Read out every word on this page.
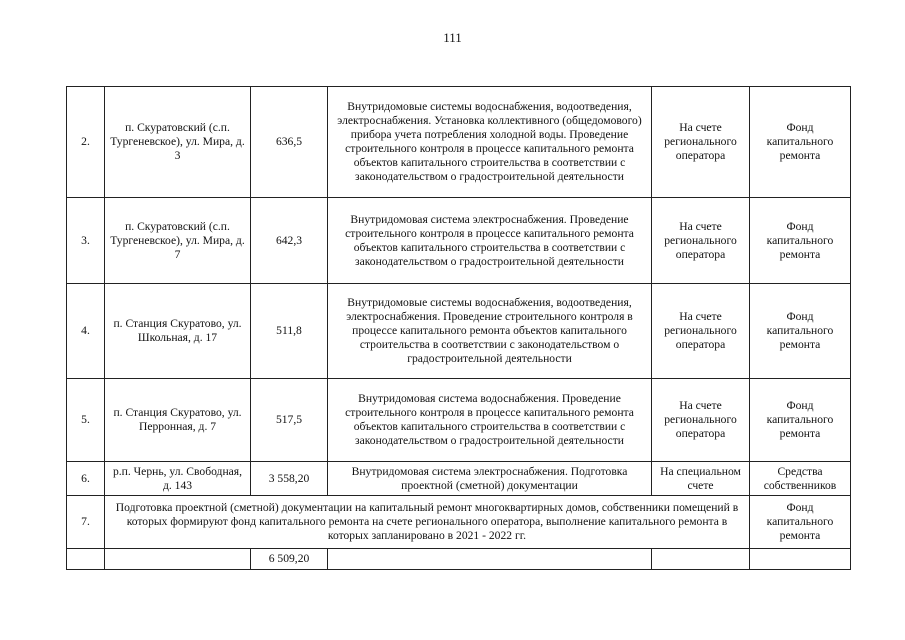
111
2.	п. Скуратовский (с.п. Тургеневское), ул. Мира, д. 3	636,5	Внутридомовые системы водоснабжения, водоотведения, электроснабжения. Установка коллективного (общедомового) прибора учета потребления холодной воды. Проведение строительного контроля в процессе капитального ремонта объектов капитального строительства в соответствии с законодательством о градостроительной деятельности	На счете регионального оператора	Фонд капитального ремонта
3.	п. Скуратовский (с.п. Тургеневское), ул. Мира, д. 7	642,3	Внутридомовая система электроснабжения. Проведение строительного контроля в процессе капитального ремонта объектов капитального строительства в соответствии с законодательством о градостроительной деятельности	На счете регионального оператора	Фонд капитального ремонта
4.	п. Станция Скуратово, ул. Школьная, д. 17	511,8	Внутридомовые системы водоснабжения, водоотведения, электроснабжения. Проведение строительного контроля в процессе капитального ремонта объектов капитального строительства в соответствии с законодательством о градостроительной деятельности	На счете регионального оператора	Фонд капитального ремонта
5.	п. Станция Скуратово, ул. Перронная, д. 7	517,5	Внутридомовая система водоснабжения. Проведение строительного контроля в процессе капитального ремонта объектов капитального строительства в соответствии с законодательством о градостроительной деятельности	На счете регионального оператора	Фонд капитального ремонта
6.	р.п. Чернь, ул. Свободная, д. 143	3 558,20	Внутридомовая система электроснабжения. Подготовка проектной (сметной) документации	На специальном счете	Средства собственников
7.	Подготовка проектной (сметной) документации на капитальный ремонт многоквартирных домов, собственники помещений в которых формируют фонд капитального ремонта на счете регионального оператора, выполнение капитального ремонта в которых запланировано в 2021 - 2022 гг.				Фонд капитального ремонта
		6 509,20			
